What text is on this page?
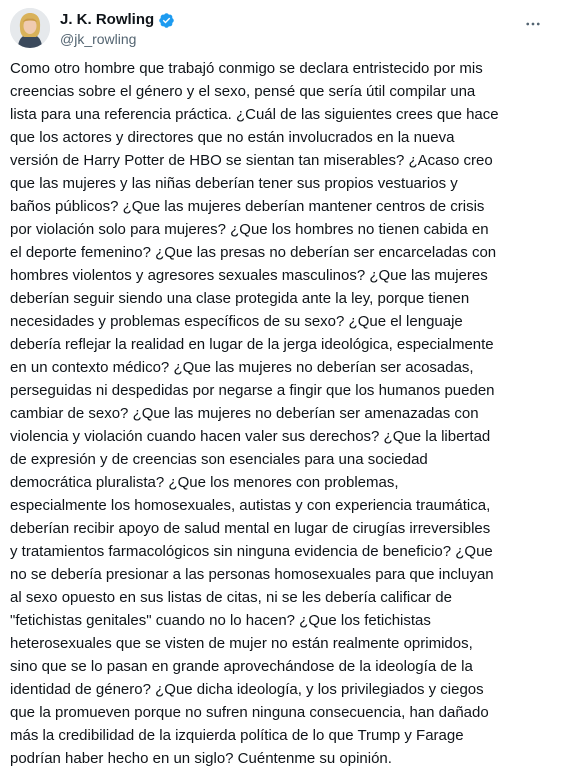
J. K. Rowling
@jk_rowling
Como otro hombre que trabajó conmigo se declara entristecido por mis
creencias sobre el género y el sexo, pensé que sería útil compilar una
lista para una referencia práctica. ¿Cuál de las siguientes crees que hace
que los actores y directores que no están involucrados en la nueva
versión de Harry Potter de HBO se sientan tan miserables? ¿Acaso creo
que las mujeres y las niñas deberían tener sus propios vestuarios y
baños públicos? ¿Que las mujeres deberían mantener centros de crisis
por violación solo para mujeres? ¿Que los hombres no tienen cabida en
el deporte femenino? ¿Que las presas no deberían ser encarceladas con
hombres violentos y agresores sexuales masculinos? ¿Que las mujeres
deberían seguir siendo una clase protegida ante la ley, porque tienen
necesidades y problemas específicos de su sexo? ¿Que el lenguaje
debería reflejar la realidad en lugar de la jerga ideológica, especialmente
en un contexto médico? ¿Que las mujeres no deberían ser acosadas,
perseguidas ni despedidas por negarse a fingir que los humanos pueden
cambiar de sexo? ¿Que las mujeres no deberían ser amenazadas con
violencia y violación cuando hacen valer sus derechos? ¿Que la libertad
de expresión y de creencias son esenciales para una sociedad
democrática pluralista? ¿Que los menores con problemas,
especialmente los homosexuales, autistas y con experiencia traumática,
deberían recibir apoyo de salud mental en lugar de cirugías irreversibles
y tratamientos farmacológicos sin ninguna evidencia de beneficio? ¿Que
no se debería presionar a las personas homosexuales para que incluyan
al sexo opuesto en sus listas de citas, ni se les debería calificar de
"fetichistas genitales" cuando no lo hacen? ¿Que los fetichistas
heterosexuales que se visten de mujer no están realmente oprimidos,
sino que se lo pasan en grande aprovechándose de la ideología de la
identidad de género? ¿Que dicha ideología, y los privilegiados y ciegos
que la promueven porque no sufren ninguna consecuencia, han dañado
más la credibilidad de la izquierda política de lo que Trump y Farage
podrían haber hecho en un siglo? Cuéntenme su opinión.
